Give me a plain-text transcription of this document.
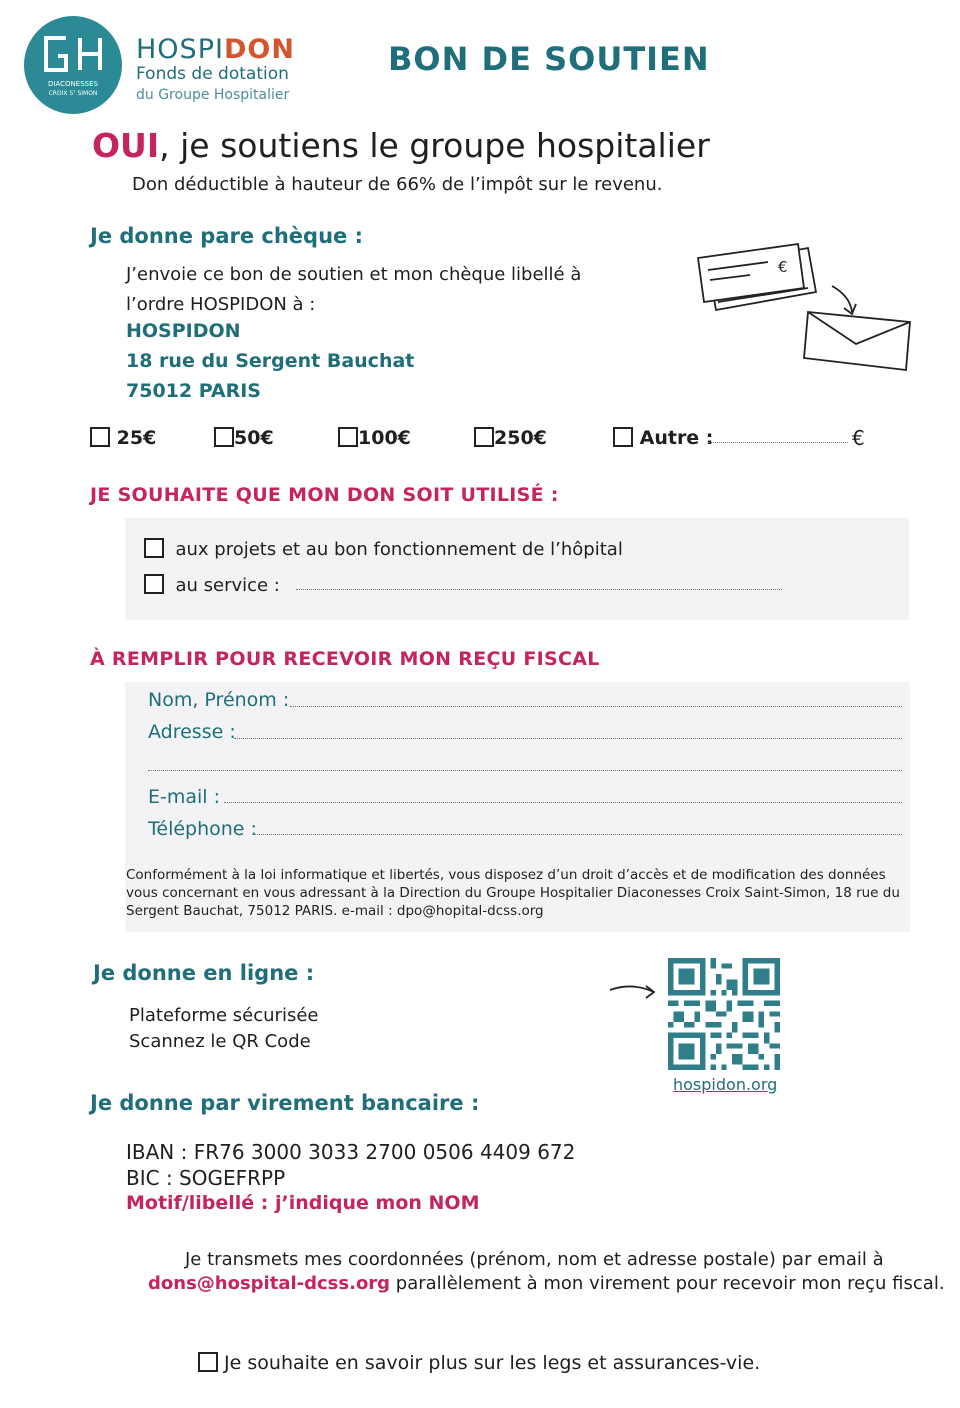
DIACONESSES
CROIX Sᵀ SIMON
HOSPIDON
Fonds de dotation
du Groupe Hospitalier
BON DE SOUTIEN
OUI, je soutiens le groupe hospitalier
Don déductible à hauteur de 66% de l’impôt sur le revenu.
Je donne pare chèque :
J’envoie ce bon de soutien et mon chèque libellé à
l’ordre HOSPIDON à :
HOSPIDON
18 rue du Sergent Bauchat
75012 PARIS
€
25€	50€	100€	250€	Autre :	€
JE SOUHAITE QUE MON DON SOIT UTILISÉ :
aux projets et au bon fonctionnement de l’hôpital
au service :
À REMPLIR POUR RECEVOIR MON REÇU FISCAL
Nom, Prénom :
Adresse :
E-mail :
Téléphone :
Conformément à la loi informatique et libertés, vous disposez d’un droit d’accès et de modification des données vous concernant en vous adressant à la Direction du Groupe Hospitalier Diaconesses Croix Saint-Simon, 18 rue du Sergent Bauchat, 75012 PARIS. e-mail : dpo@hopital-dcss.org
Je donne en ligne :
Plateforme sécurisée
Scannez le QR Code
hospidon.org
Je donne par virement bancaire :
IBAN : FR76 3000 3033 2700 0506 4409 672
BIC : SOGEFRPP
Motif/libellé : j’indique mon NOM
Je transmets mes coordonnées (prénom, nom et adresse postale) par email à
dons@hospital-dcss.org parallèlement à mon virement pour recevoir mon reçu fiscal.
Je souhaite en savoir plus sur les legs et assurances-vie.
